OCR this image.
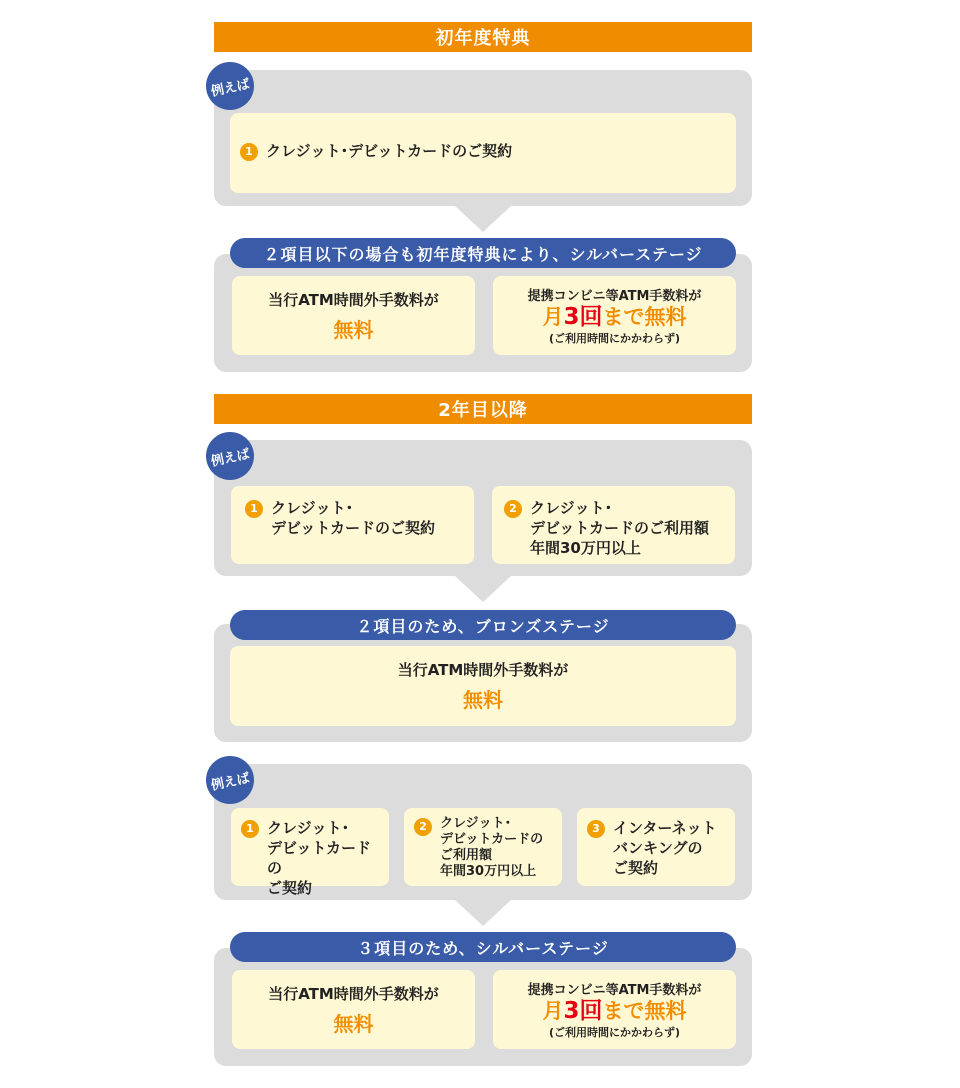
初年度特典
例えば
1 クレジット･デビットカードのご契約
２項目以下の場合も初年度特典により、シルバーステージ
当行ATM時間外手数料が
無料
提携コンビニ等ATM手数料が
月3回まで無料
(ご利用時間にかかわらず)
2年目以降
例えば
1 クレジット･
デビットカードのご契約
2 クレジット･
デビットカードのご利用額
年間30万円以上
２項目のため、ブロンズステージ
当行ATM時間外手数料が
無料
例えば
1 クレジット･
デビットカードの
ご契約
2	クレジット･
デビットカードの
ご利用額
年間30万円以上
3 インターネット
バンキングの
ご契約
３項目のため、シルバーステージ
当行ATM時間外手数料が
無料
提携コンビニ等ATM手数料が
月3回まで無料
(ご利用時間にかかわらず)
